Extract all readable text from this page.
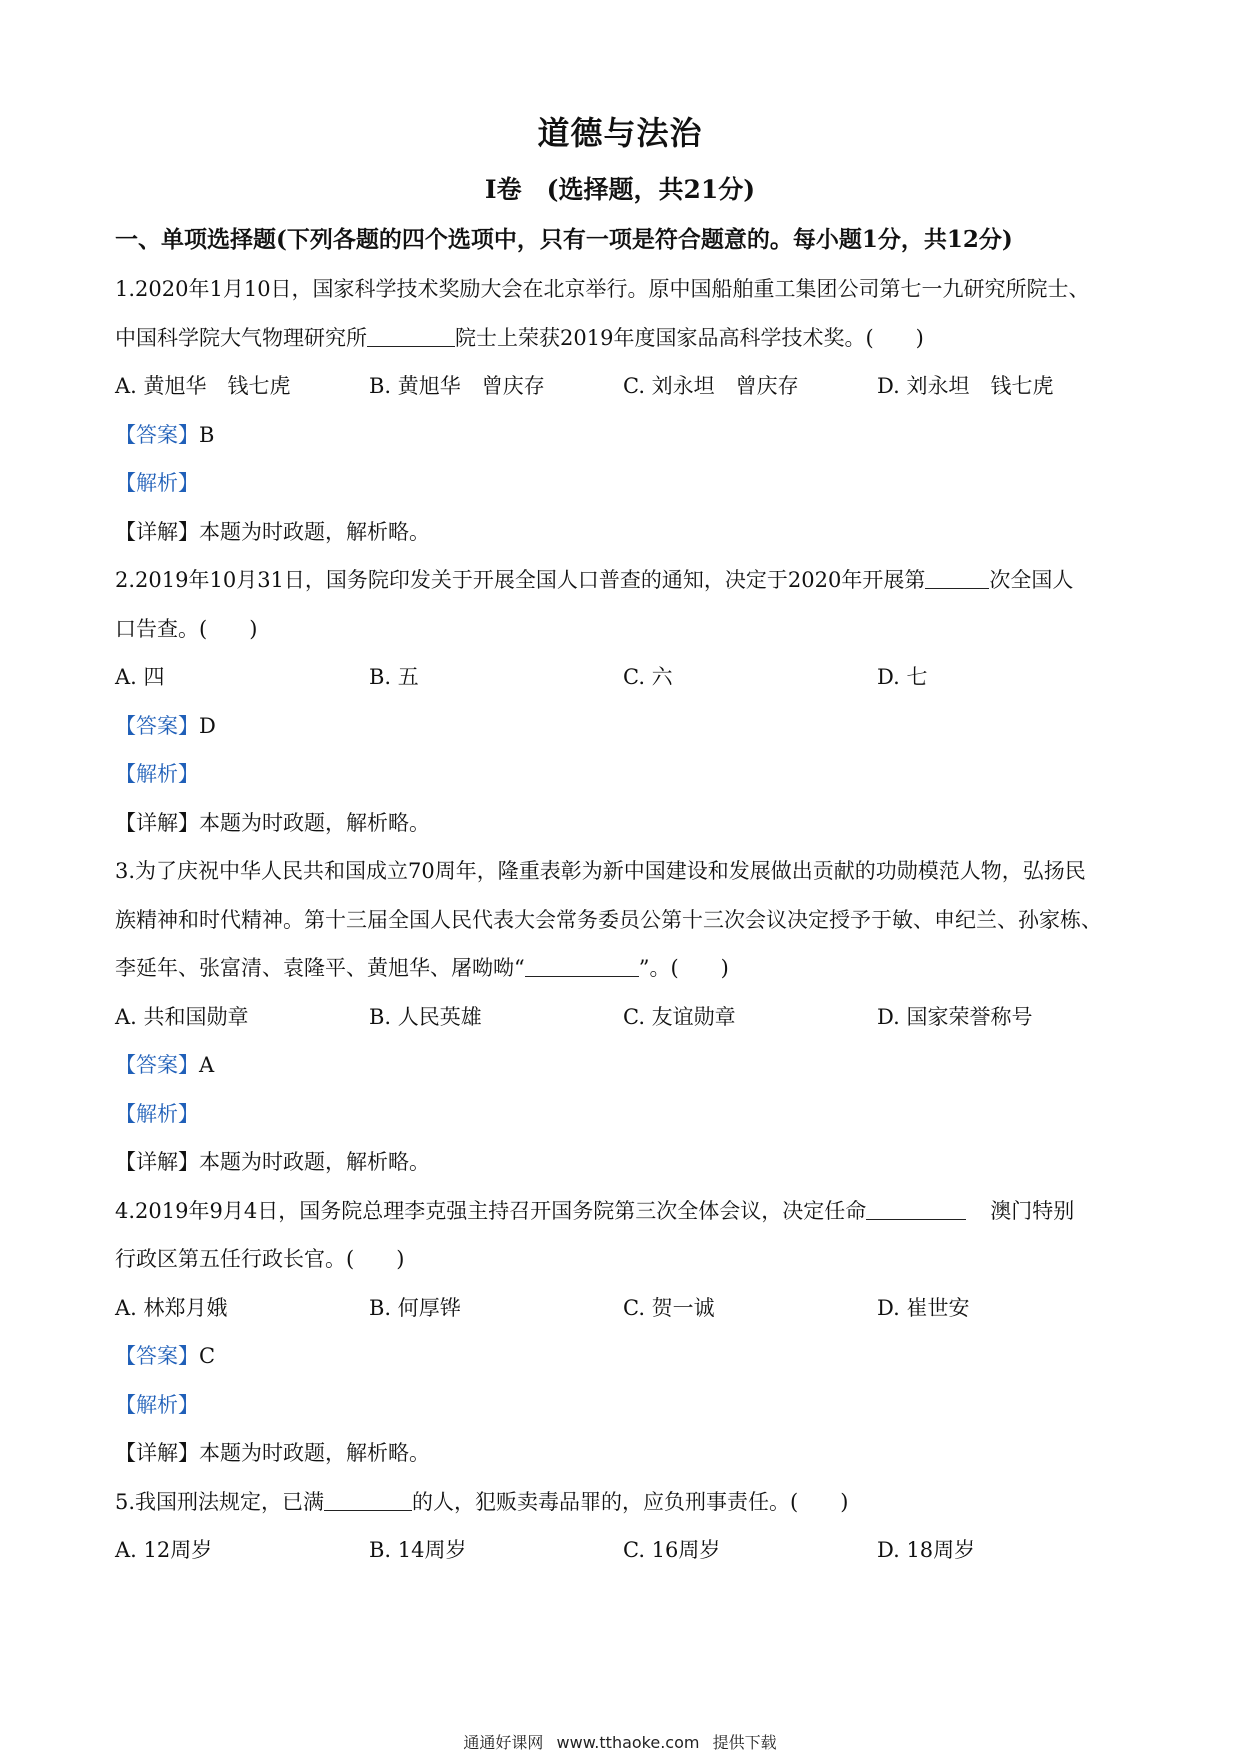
道德与法治
I卷　(选择题，共21分)
一、单项选择题(下列各题的四个选项中，只有一项是符合题意的。每小题1分，共12分)
1.2020年1月10日，国家科学技术奖励大会在北京举行。原中国船舶重工集团公司第七一九研究所院士、
中国科学院大气物理研究所	院士上荣获2019年度国家品高科学技术奖。(　　)
A. 黄旭华　钱七虎	B. 黄旭华　曾庆存	C. 刘永坦　曾庆存	D. 刘永坦　钱七虎
【答案】B
【解析】
【详解】本题为时政题，解析略。
2.2019年10月31日，国务院印发关于开展全国人口普查的通知，决定于2020年开展第	次全国人
口告查。(　　)
A. 四	B. 五	C. 六	D. 七
【答案】D
【解析】
【详解】本题为时政题，解析略。
3.为了庆祝中华人民共和国成立70周年，隆重表彰为新中国建设和发展做出贡献的功勋模范人物，弘扬民
族精神和时代精神。第十三届全国人民代表大会常务委员公第十三次会议决定授予于敏、申纪兰、孙家栋、
李延年、张富清、袁隆平、黄旭华、屠呦呦“	”。(　　)
A. 共和国勋章	B. 人民英雄	C. 友谊勋章	D. 国家荣誉称号
【答案】A
【解析】
【详解】本题为时政题，解析略。
4.2019年9月4日，国务院总理李克强主持召开国务院第三次全体会议，决定任命	澳门特别
行政区第五任行政长官。(　　)
A. 林郑月娥	B. 何厚铧	C. 贺一诚	D. 崔世安
【答案】C
【解析】
【详解】本题为时政题，解析略。
5.我国刑法规定，已满	的人，犯贩卖毒品罪的，应负刑事责任。(　　)
A. 12周岁	B. 14周岁	C. 16周岁	D. 18周岁
通通好课网 www.tthaoke.com 提供下载
